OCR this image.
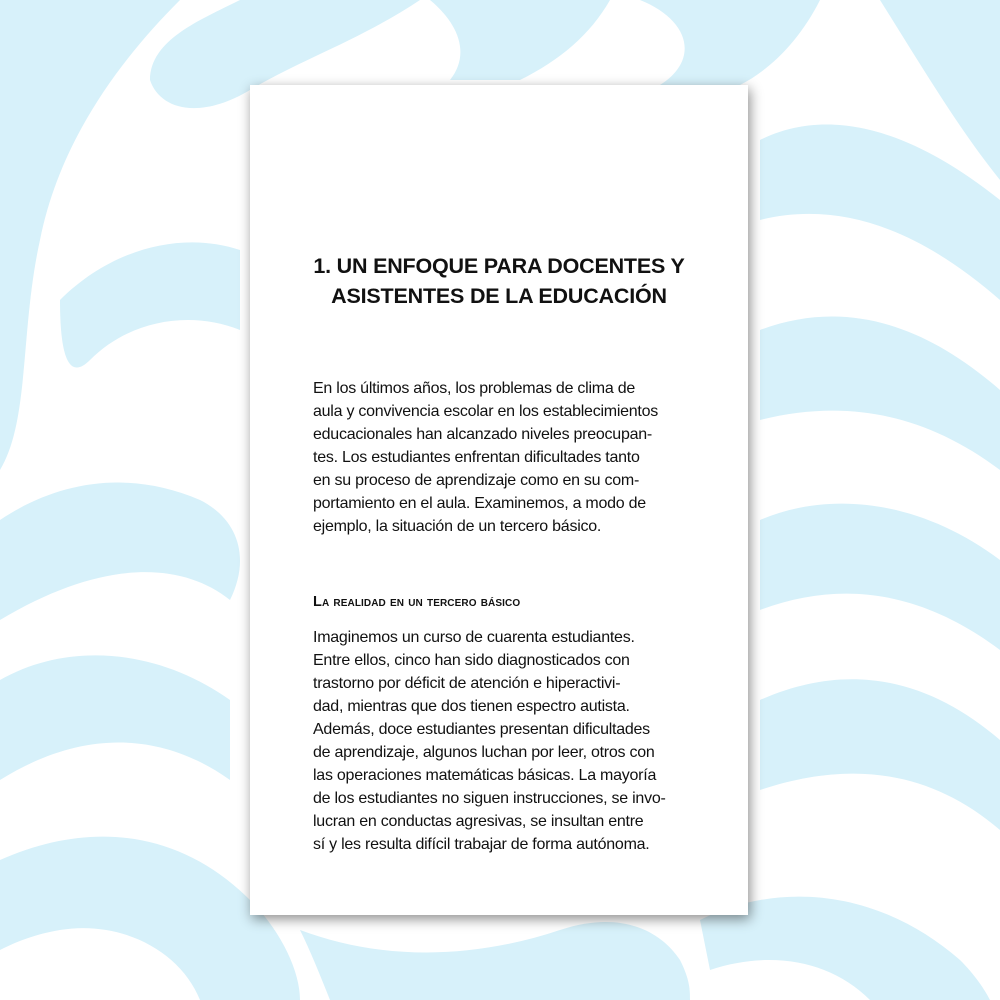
1. UN ENFOQUE PARA DOCENTES Y
ASISTENTES DE LA EDUCACIÓN

En los últimos años, los problemas de clima de
aula y convivencia escolar en los establecimientos
educacionales han alcanzado niveles preocupan-
tes. Los estudiantes enfrentan dificultades tanto
en su proceso de aprendizaje como en su com-
portamiento en el aula. Examinemos, a modo de
ejemplo, la situación de un tercero básico.

La realidad en un tercero básico

Imaginemos un curso de cuarenta estudiantes.
Entre ellos, cinco han sido diagnosticados con
trastorno por déficit de atención e hiperactivi-
dad, mientras que dos tienen espectro autista.
Además, doce estudiantes presentan dificultades
de aprendizaje, algunos luchan por leer, otros con
las operaciones matemáticas básicas. La mayoría
de los estudiantes no siguen instrucciones, se invo-
lucran en conductas agresivas, se insultan entre
sí y les resulta difícil trabajar de forma autónoma.
